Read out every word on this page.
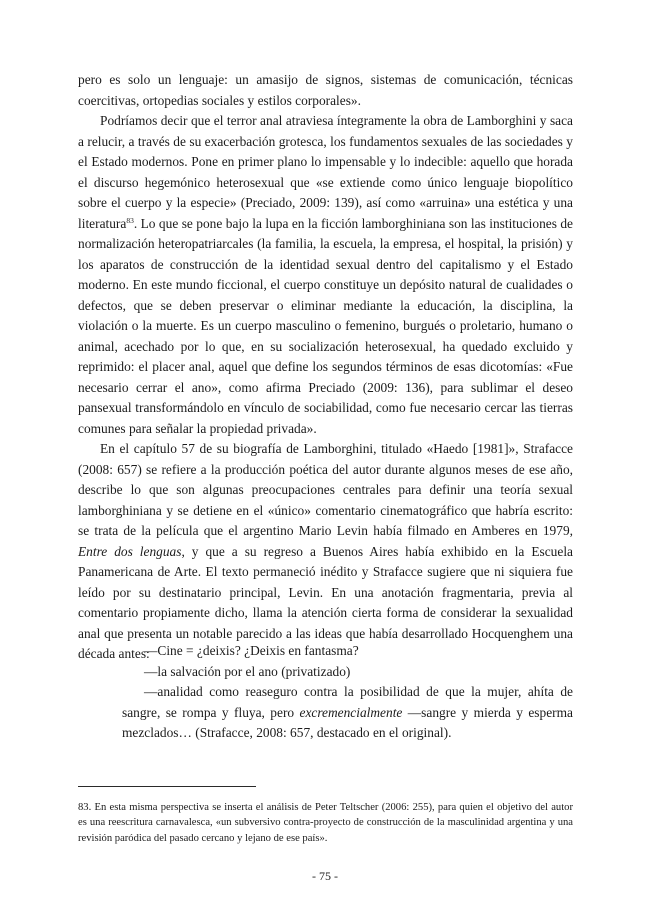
pero es solo un lenguaje: un amasijo de signos, sistemas de comunicación, técnicas coercitivas, ortopedias sociales y estilos corporales».

Podríamos decir que el terror anal atraviesa íntegramente la obra de Lamborghini y saca a relucir, a través de su exacerbación grotesca, los fundamentos sexuales de las sociedades y el Estado modernos. Pone en primer plano lo impensable y lo indecible: aquello que horada el discurso hegemónico heterosexual que «se extiende como único lenguaje biopolítico sobre el cuerpo y la especie» (Preciado, 2009: 139), así como «arruina» una estética y una literatura$^{83}$. Lo que se pone bajo la lupa en la ficción lamborghiniana son las instituciones de normalización heteropatriarcales (la familia, la escuela, la empresa, el hospital, la prisión) y los aparatos de construcción de la identidad sexual dentro del capitalismo y el Estado moderno. En este mundo ficcional, el cuerpo constituye un depósito natural de cualidades o defectos, que se deben preservar o eliminar mediante la educación, la disciplina, la violación o la muerte. Es un cuerpo masculino o femenino, burgués o proletario, humano o animal, acechado por lo que, en su socialización heterosexual, ha quedado excluido y reprimido: el placer anal, aquel que define los segundos términos de esas dicotomías: «Fue necesario cerrar el ano», como afirma Preciado (2009: 136), para sublimar el deseo pansexual transformándolo en vínculo de sociabilidad, como fue necesario cercar las tierras comunes para señalar la propiedad privada».

En el capítulo 57 de su biografía de Lamborghini, titulado «Haedo [1981]», Strafacce (2008: 657) se refiere a la producción poética del autor durante algunos meses de ese año, describe lo que son algunas preocupaciones centrales para definir una teoría sexual lamborghiniana y se detiene en el «único» comentario cinematográfico que habría escrito: se trata de la película que el argentino Mario Levin había filmado en Amberes en 1979, Entre dos lenguas, y que a su regreso a Buenos Aires había exhibido en la Escuela Panamericana de Arte. El texto permaneció inédito y Strafacce sugiere que ni siquiera fue leído por su destinatario principal, Levin. En una anotación fragmentaria, previa al comentario propiamente dicho, llama la atención cierta forma de considerar la sexualidad anal que presenta un notable parecido a las ideas que había desarrollado Hocquenghem una década antes:

—Cine = ¿deixis? ¿Deixis en fantasma?

—la salvación por el ano (privatizado)

—analidad como reaseguro contra la posibilidad de que la mujer, ahíta de sangre, se rompa y fluya, pero excremencialmente —sangre y mierda y esperma mezclados… (Strafacce, 2008: 657, destacado en el original).

83. En esta misma perspectiva se inserta el análisis de Peter Teltscher (2006: 255), para quien el objetivo del autor es una reescritura carnavalesca, «un subversivo contra-proyecto de construcción de la masculinidad argentina y una revisión paródica del pasado cercano y lejano de ese país».

- 75 -
